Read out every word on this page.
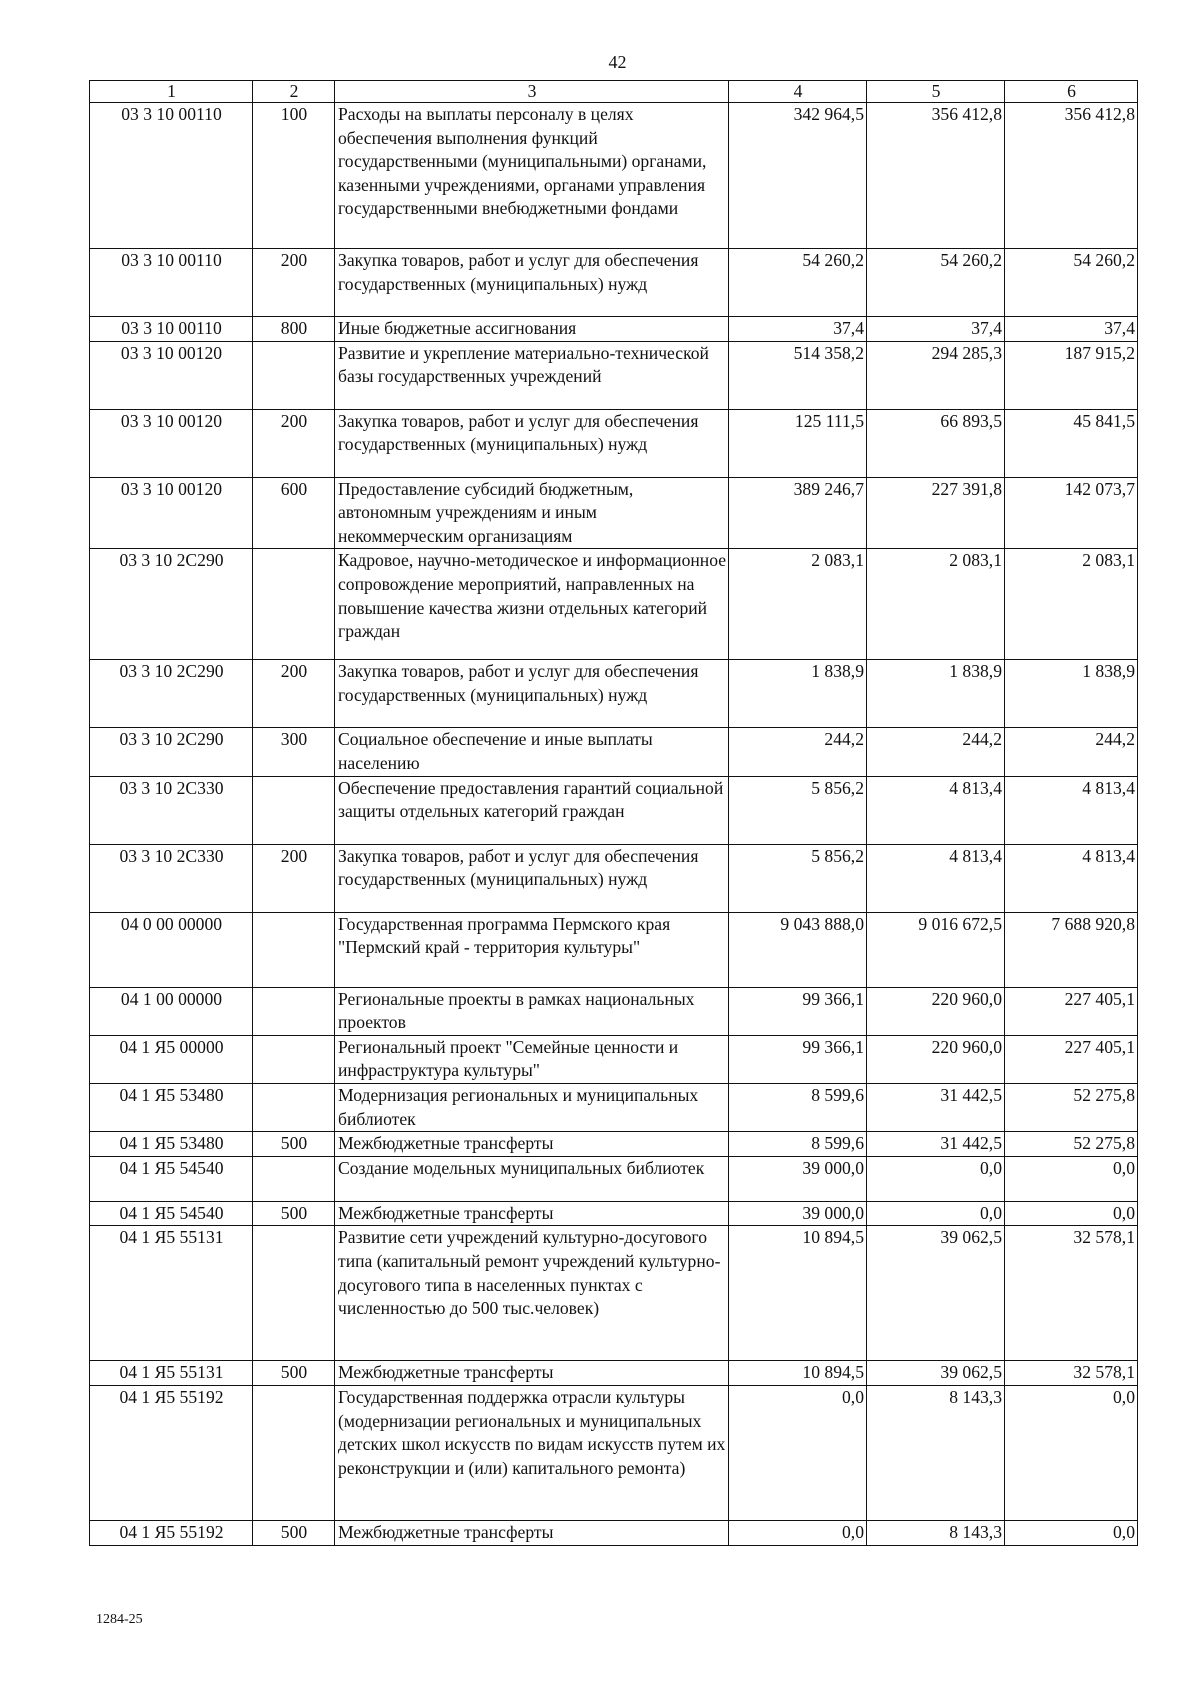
42
1	2	3	4	5	6
03 3 10 00110	100	Расходы на выплаты персоналу в целях обеспечения выполнения функций государственными (муниципальными) органами, казенными учреждениями, органами управления государственными внебюджетными фондами	342 964,5	356 412,8	356 412,8
03 3 10 00110	200	Закупка товаров, работ и услуг для обеспечения государственных (муниципальных) нужд	54 260,2	54 260,2	54 260,2
03 3 10 00110	800	Иные бюджетные ассигнования	37,4	37,4	37,4
03 3 10 00120		Развитие и укрепление материально-технической базы государственных учреждений	514 358,2	294 285,3	187 915,2
03 3 10 00120	200	Закупка товаров, работ и услуг для обеспечения государственных (муниципальных) нужд	125 111,5	66 893,5	45 841,5
03 3 10 00120	600	Предоставление субсидий бюджетным, автономным учреждениям и иным некоммерческим организациям	389 246,7	227 391,8	142 073,7
03 3 10 2С290		Кадровое, научно-методическое и информационное сопровождение мероприятий, направленных на повышение качества жизни отдельных категорий граждан	2 083,1	2 083,1	2 083,1
03 3 10 2С290	200	Закупка товаров, работ и услуг для обеспечения государственных (муниципальных) нужд	1 838,9	1 838,9	1 838,9
03 3 10 2С290	300	Социальное обеспечение и иные выплаты населению	244,2	244,2	244,2
03 3 10 2С330		Обеспечение предоставления гарантий социальной защиты отдельных категорий граждан	5 856,2	4 813,4	4 813,4
03 3 10 2С330	200	Закупка товаров, работ и услуг для обеспечения государственных (муниципальных) нужд	5 856,2	4 813,4	4 813,4
04 0 00 00000		Государственная программа Пермского края "Пермский край - территория культуры"	9 043 888,0	9 016 672,5	7 688 920,8
04 1 00 00000		Региональные проекты в рамках национальных проектов	99 366,1	220 960,0	227 405,1
04 1 Я5 00000		Региональный проект "Семейные ценности и инфраструктура культуры"	99 366,1	220 960,0	227 405,1
04 1 Я5 53480		Модернизация региональных и муниципальных библиотек	8 599,6	31 442,5	52 275,8
04 1 Я5 53480	500	Межбюджетные трансферты	8 599,6	31 442,5	52 275,8
04 1 Я5 54540		Создание модельных муниципальных библиотек	39 000,0	0,0	0,0
04 1 Я5 54540	500	Межбюджетные трансферты	39 000,0	0,0	0,0
04 1 Я5 55131		Развитие сети учреждений культурно-досугового типа (капитальный ремонт учреждений культурно-досугового типа в населенных пунктах с численностью до 500 тыс.человек)	10 894,5	39 062,5	32 578,1
04 1 Я5 55131	500	Межбюджетные трансферты	10 894,5	39 062,5	32 578,1
04 1 Я5 55192		Государственная поддержка отрасли культуры (модернизации региональных и муниципальных детских школ искусств по видам искусств путем их реконструкции и (или) капитального ремонта)	0,0	8 143,3	0,0
04 1 Я5 55192	500	Межбюджетные трансферты	0,0	8 143,3	0,0
1284-25
